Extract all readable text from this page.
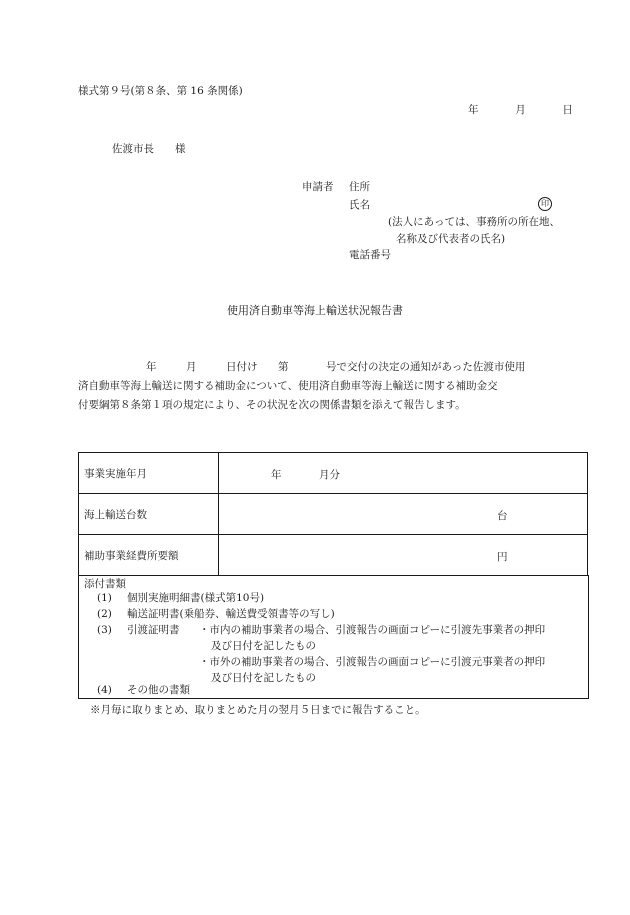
様式第９号(第８条、第 16 条関係)
年	月	日
佐渡市長　　様
申請者 住所
氏名	印
(法人にあっては、事務所の所在地、
名称及び代表者の氏名)
電話番号
使用済自動車等海上輸送状況報告書
年	月	日付け 第	号で交付の決定の通知があった佐渡市使用
済自動車等海上輸送に関する補助金について、使用済自動車等海上輸送に関する補助金交
付要綱第８条第１項の規定により、その状況を次の関係書類を添えて報告します。
事業実施年月	年 月分

海上輸送台数	台

補助事業経費所要額	円
添付書類
(1) 個別実施明細書(様式第10号)
(2) 輸送証明書(乗船券、輸送費受領書等の写し)
(3) 引渡証明書 ・市内の補助事業者の場合、引渡報告の画面コピーに引渡先事業者の押印
及び日付を記したもの
・市外の補助事業者の場合、引渡報告の画面コピーに引渡元事業者の押印
及び日付を記したもの
(4) その他の書類
※月毎に取りまとめ、取りまとめた月の翌月５日までに報告すること。
